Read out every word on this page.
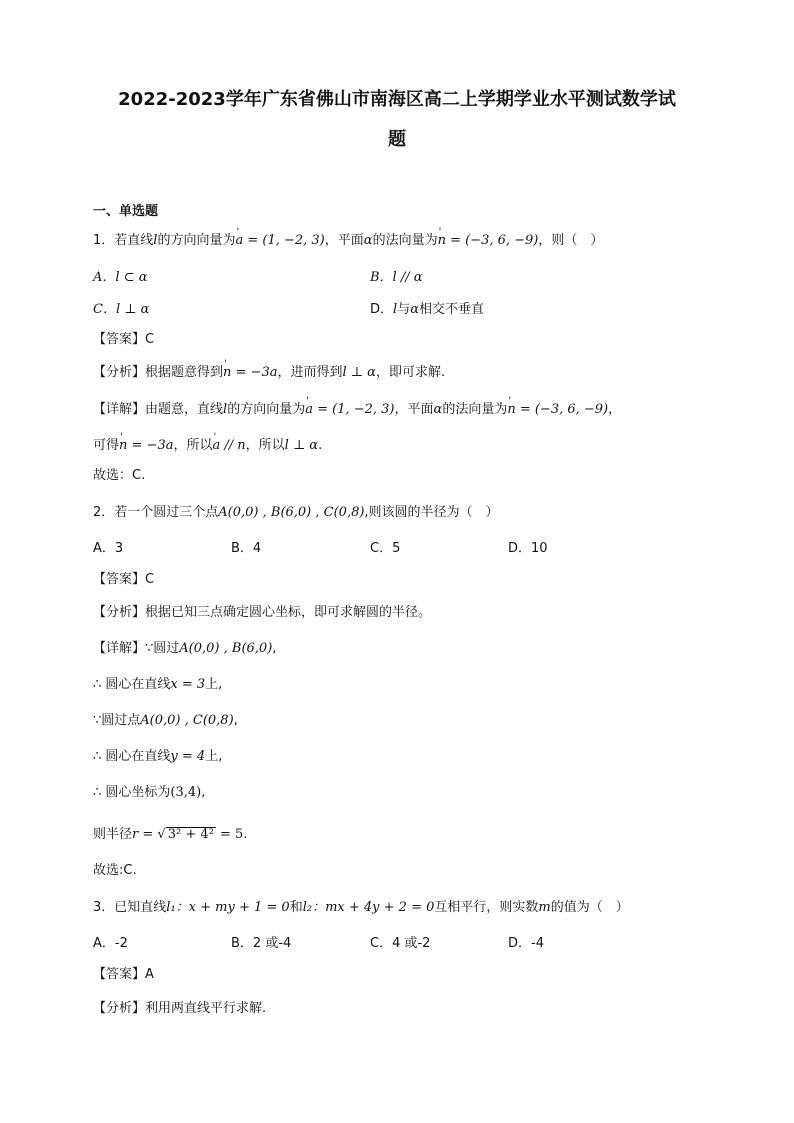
2022-2023学年广东省佛山市南海区高二上学期学业水平测试数学试
题
一、单选题
1．若直线l的方向向量为' a = (1, −2, 3)，平面α的法向量为' n = (−3, 6, −9)，则（　）
A．l ⊂ α	B．l // α
C．l ⊥ α	D．l与α相交不垂直
【答案】C
【分析】根据题意得到' n = −3a，进而得到l ⊥ α，即可求解.
【详解】由题意，直线l的方向向量为' a = (1, −2, 3)，平面α的法向量为' n = (−3, 6, −9)，
可得' n = −3a，所以' a // n，所以l ⊥ α.
故选：C.
2．若一个圆过三个点A(0,0) , B(6,0) , C(0,8),则该圆的半径为（　）
A．3	B．4	C．5	D．10
【答案】C
【分析】根据已知三点确定圆心坐标，即可求解圆的半径。
【详解】∵圆过A(0,0) , B(6,0),
∴ 圆心在直线x = 3上,
∵圆过点A(0,0) , C(0,8),
∴ 圆心在直线y = 4上,
∴ 圆心坐标为(3,4),
则半径r = √ 3² + 4² = 5.
故选:C.
3．已知直线l₁：x + my + 1 = 0和l₂：mx + 4y + 2 = 0互相平行，则实数m的值为（　）
A．-2	B．2 或-4	C．4 或-2	D．-4
【答案】A
【分析】利用两直线平行求解.
